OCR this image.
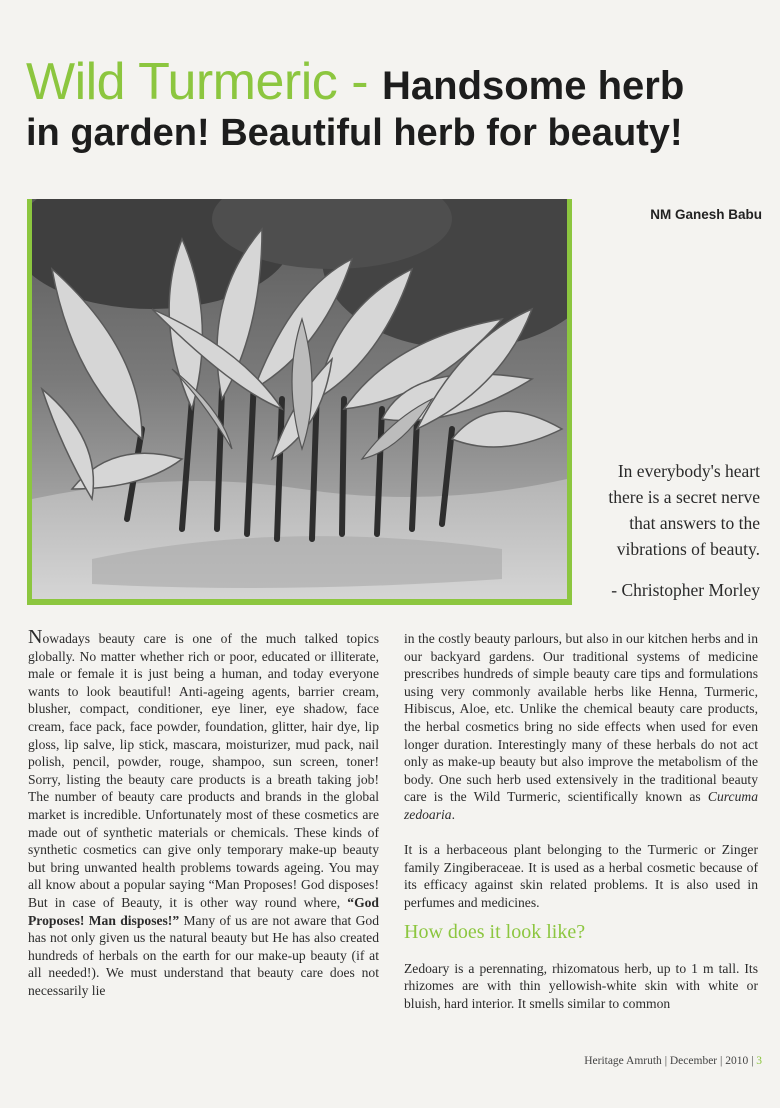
Wild Turmeric - Handsome herb
in garden! Beautiful herb for beauty!
NM Ganesh Babu
In everybody's heart
there is a secret nerve
that answers to the
vibrations of beauty.
- Christopher Morley

Nowadays beauty care is one of the much talked topics globally. No matter whether rich or poor, educated or illiterate, male or female it is just being a human, and today everyone wants to look beautiful! Anti-ageing agents, barrier cream, blusher, compact, conditioner, eye liner, eye shadow, face cream, face pack, face powder, foundation, glitter, hair dye, lip gloss, lip salve, lip stick, mascara, moisturizer, mud pack, nail polish, pencil, powder, rouge, shampoo, sun screen, toner! Sorry, listing the beauty care products is a breath taking job! The number of beauty care products and brands in the global market is incredible. Unfortunately most of these cosmetics are made out of synthetic materials or chemicals. These kinds of synthetic cosmetics can give only temporary make-up beauty but bring unwanted health problems towards ageing. You may all know about a popular saying “Man Proposes! God disposes! But in case of Beauty, it is other way round where, “God Proposes! Man disposes!” Many of us are not aware that God has not only given us the natural beauty but He has also created hundreds of herbals on the earth for our make-up beauty (if at all needed!). We must understand that beauty care does not necessarily lie

in the costly beauty parlours, but also in our kitchen herbs and in our backyard gardens. Our traditional systems of medicine prescribes hundreds of simple beauty care tips and formulations using very commonly available herbs like Henna, Turmeric, Hibiscus, Aloe, etc. Unlike the chemical beauty care products, the herbal cosmetics bring no side effects when used for even longer duration. Interestingly many of these herbals do not act only as make-up beauty but also improve the metabolism of the body. One such herb used extensively in the traditional beauty care is the Wild Turmeric, scientifically known as Curcuma zedoaria.

It is a herbaceous plant belonging to the Turmeric or Zinger family Zingiberaceae. It is used as a herbal cosmetic because of its efficacy against skin related problems. It is also used in perfumes and medicines.

How does it look like?

Zedoary is a perennating, rhizomatous herb, up to 1 m tall. Its rhizomes are with thin yellowish-white skin with white or bluish, hard interior. It smells similar to common

Heritage Amruth | December | 2010 | 3
